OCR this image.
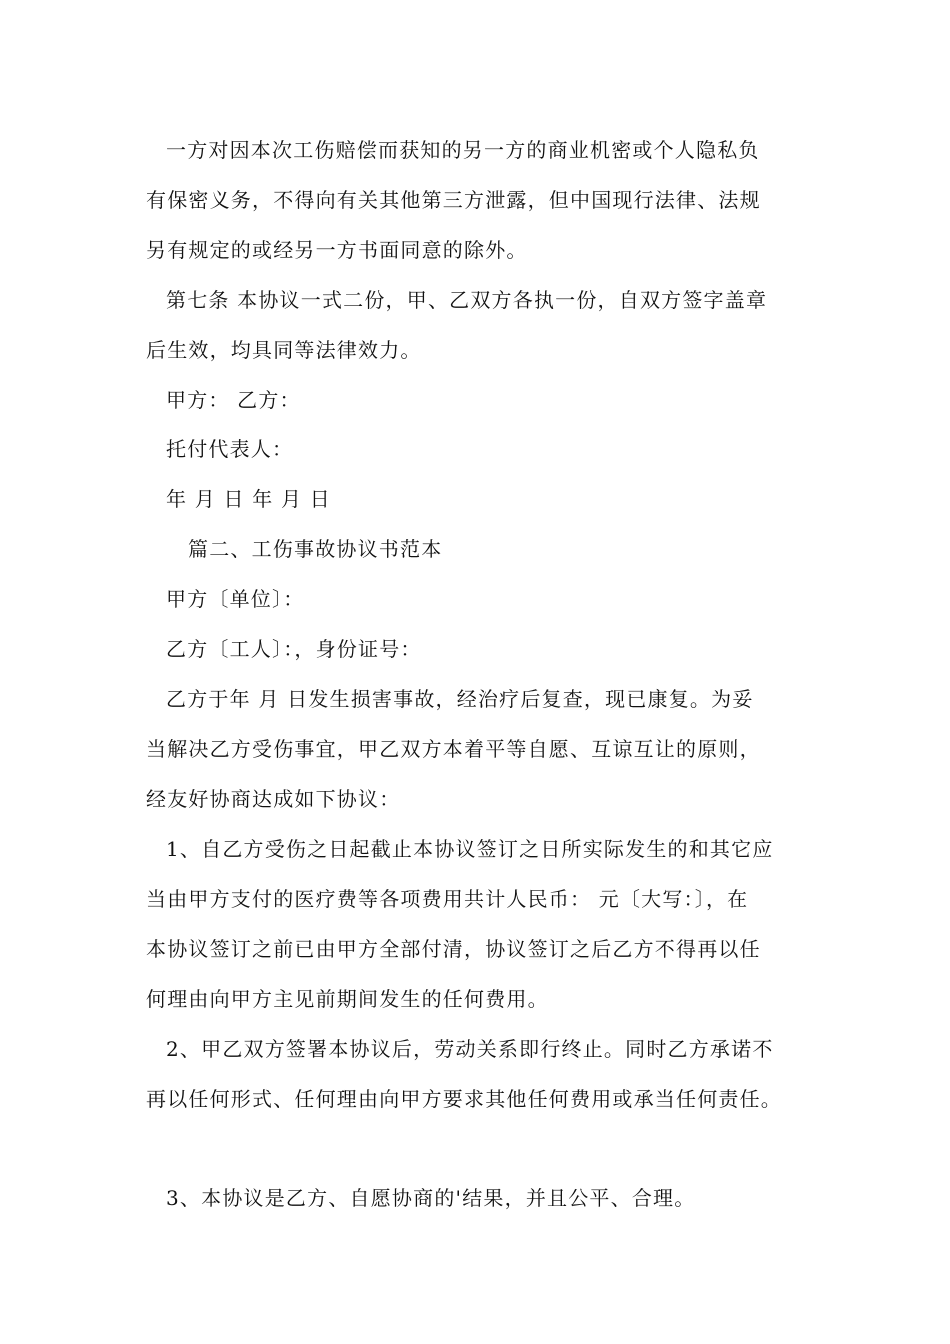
一方对因本次工伤赔偿而获知的另一方的商业机密或个人隐私负
有保密义务，不得向有关其他第三方泄露，但中国现行法律、法规
另有规定的或经另一方书面同意的除外。
第七条 本协议一式二份，甲、乙双方各执一份，自双方签字盖章
后生效，均具同等法律效力。
甲方： 乙方：
托付代表人：
年 月 日 年 月 日
篇二、工伤事故协议书范本
甲方〔单位〕：
乙方〔工人〕：，身份证号：
乙方于年 月 日发生损害事故，经治疗后复查，现已康复。为妥
当解决乙方受伤事宜，甲乙双方本着平等自愿、互谅互让的原则，
经友好协商达成如下协议：
1、自乙方受伤之日起截止本协议签订之日所实际发生的和其它应
当由甲方支付的医疗费等各项费用共计人民币： 元〔大写：〕，在
本协议签订之前已由甲方全部付清，协议签订之后乙方不得再以任
何理由向甲方主见前期间发生的任何费用。
2、甲乙双方签署本协议后，劳动关系即行终止。同时乙方承诺不
再以任何形式、任何理由向甲方要求其他任何费用或承当任何责任。
3、本协议是乙方、自愿协商的'结果，并且公平、合理。
